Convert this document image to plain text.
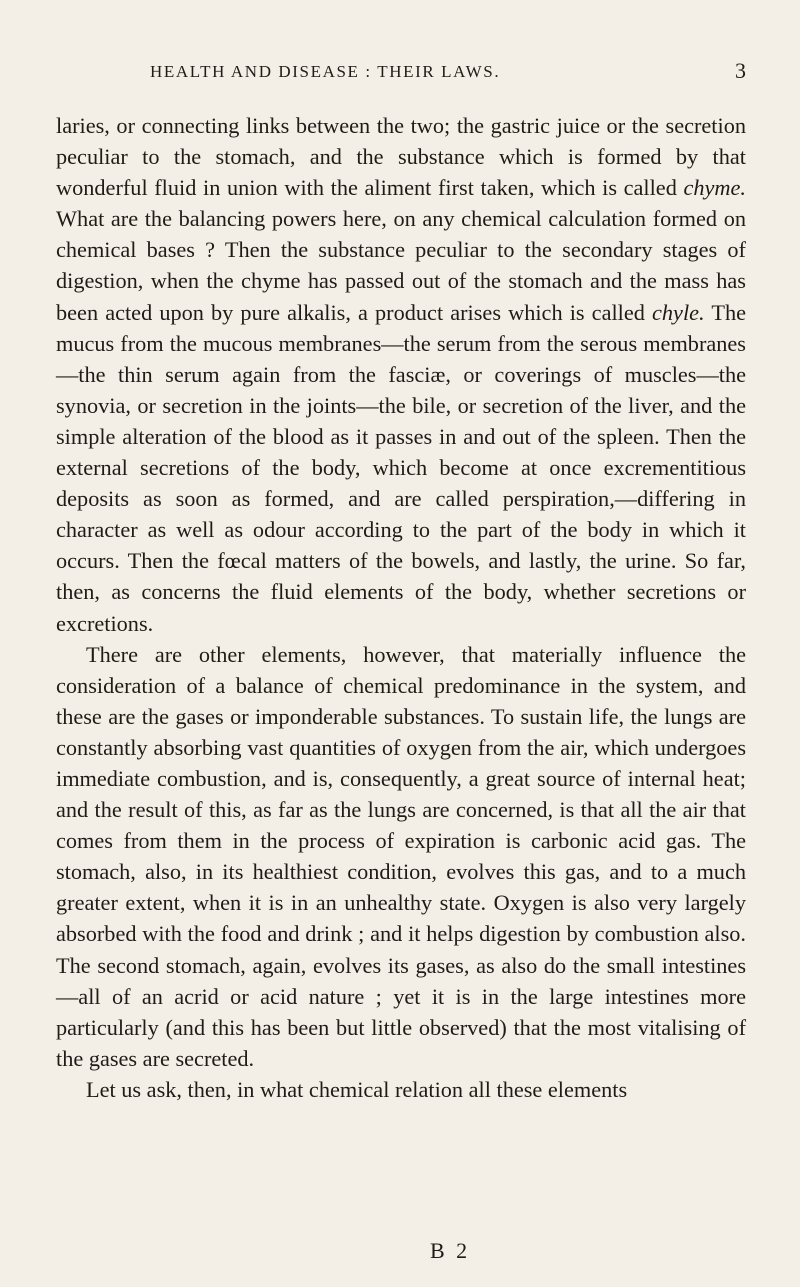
HEALTH AND DISEASE : THEIR LAWS.	3

laries, or connecting links between the two; the gastric juice or the secretion peculiar to the stomach, and the substance which is formed by that wonderful fluid in union with the aliment first taken, which is called chyme. What are the balancing powers here, on any chemical calculation formed on chemical bases ? Then the substance peculiar to the secondary stages of digestion, when the chyme has passed out of the stomach and the mass has been acted upon by pure alkalis, a product arises which is called chyle. The mucus from the mucous membranes—the serum from the serous membranes—the thin serum again from the fasciæ, or coverings of muscles—the synovia, or secretion in the joints—the bile, or secretion of the liver, and the simple alteration of the blood as it passes in and out of the spleen. Then the external secretions of the body, which become at once excrementitious deposits as soon as formed, and are called perspiration,—differing in character as well as odour according to the part of the body in which it occurs. Then the fœcal matters of the bowels, and lastly, the urine. So far, then, as concerns the fluid elements of the body, whether secretions or excretions.

There are other elements, however, that materially influence the consideration of a balance of chemical predominance in the system, and these are the gases or imponderable substances. To sustain life, the lungs are constantly absorbing vast quantities of oxygen from the air, which undergoes immediate combustion, and is, consequently, a great source of internal heat; and the result of this, as far as the lungs are concerned, is that all the air that comes from them in the process of expiration is carbonic acid gas. The stomach, also, in its healthiest condition, evolves this gas, and to a much greater extent, when it is in an unhealthy state. Oxygen is also very largely absorbed with the food and drink ; and it helps digestion by combustion also. The second stomach, again, evolves its gases, as also do the small intestines—all of an acrid or acid nature ; yet it is in the large intestines more particularly (and this has been but little observed) that the most vitalising of the gases are secreted.

Let us ask, then, in what chemical relation all these elements

B 2
